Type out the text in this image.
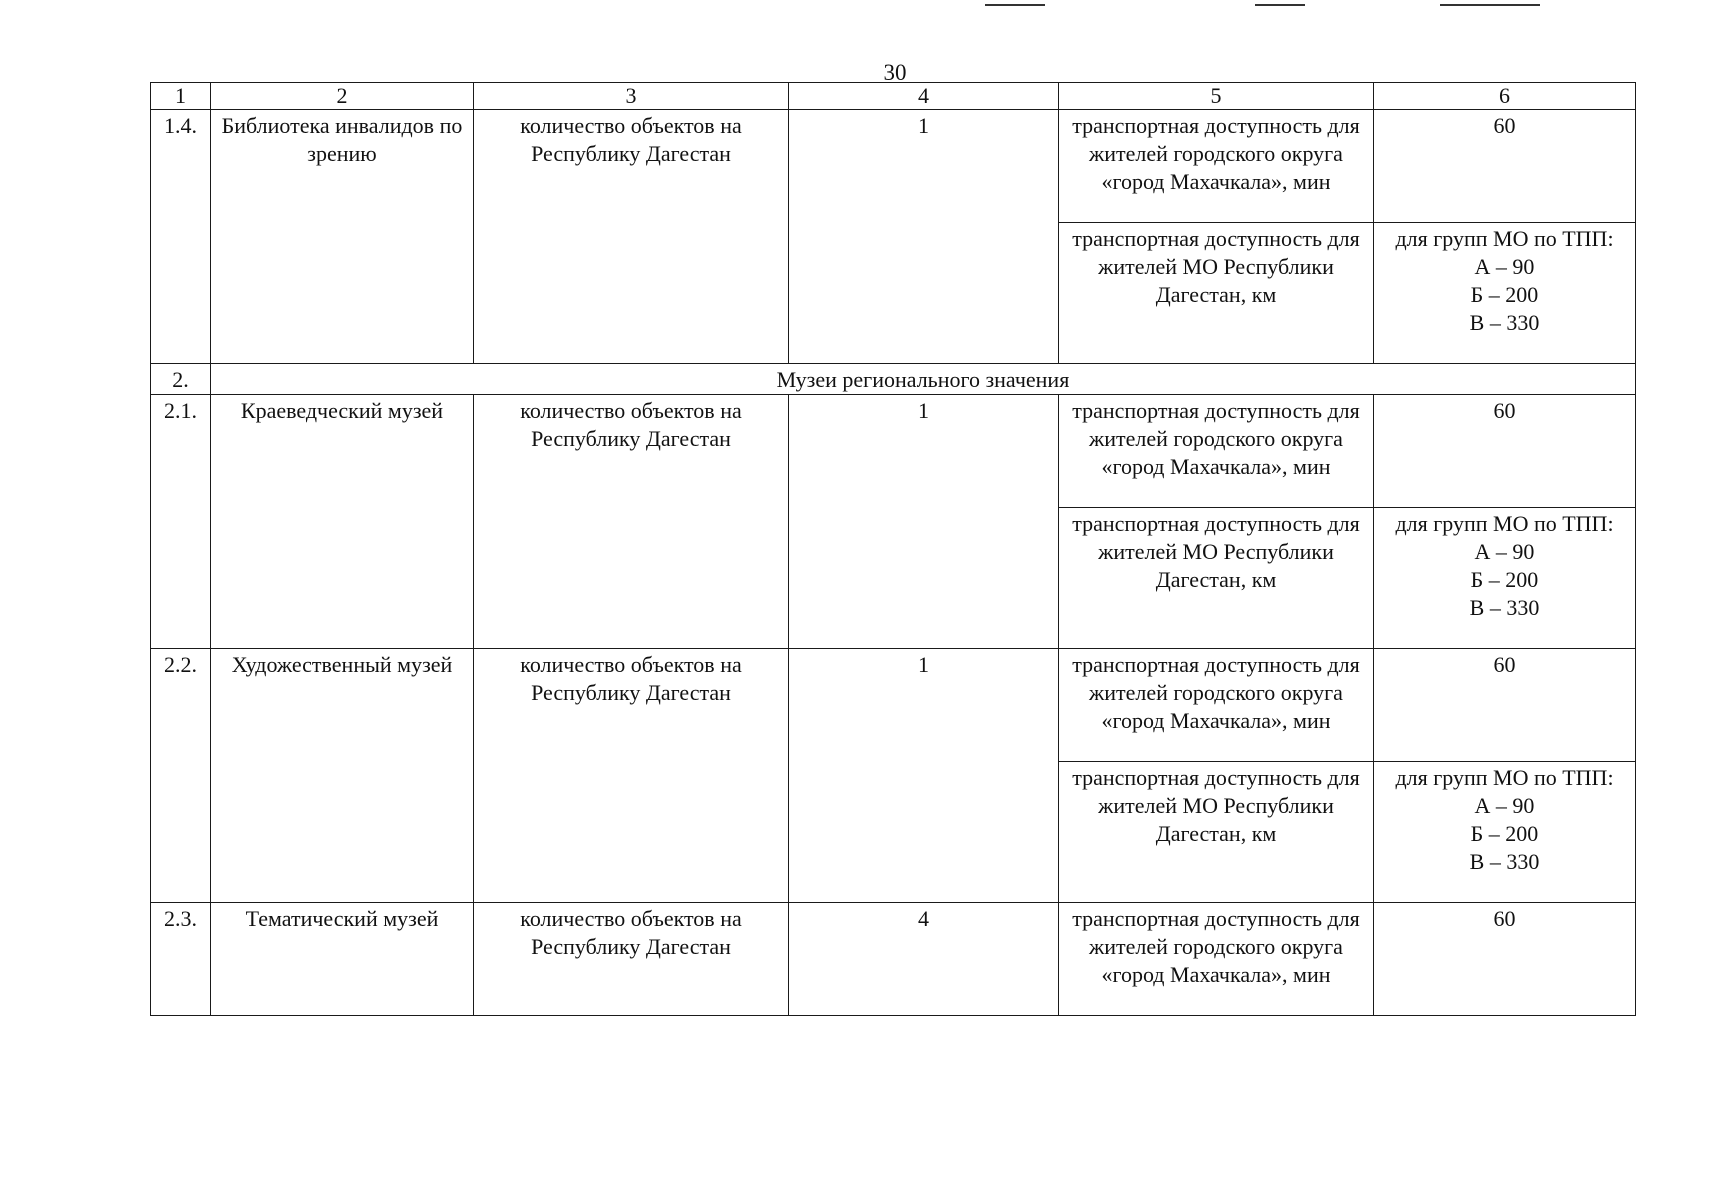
30
1	2	3	4	5	6
1.4.	Библиотека инвалидов по зрению	количество объектов на Республику Дагестан	1	транспортная доступность для жителей городского округа «город Махачкала», мин	60

				транспортная доступность для жителей МО Республики Дагестан, км	для групп МО по ТПП:
А – 90
Б – 200
В – 330

2.	Музеи регионального значения				
2.1.	Краеведческий музей	количество объектов на Республику Дагестан	1	транспортная доступность для жителей городского округа «город Махачкала», мин	60

				транспортная доступность для жителей МО Республики Дагестан, км	для групп МО по ТПП:
А – 90
Б – 200
В – 330

2.2.	Художественный музей	количество объектов на Республику Дагестан	1	транспортная доступность для жителей городского округа «город Махачкала», мин	60

				транспортная доступность для жителей МО Республики Дагестан, км	для групп МО по ТПП:
А – 90
Б – 200
В – 330

2.3.	Тематический музей	количество объектов на Республику Дагестан	4	транспортная доступность для жителей городского округа «город Махачкала», мин	60
